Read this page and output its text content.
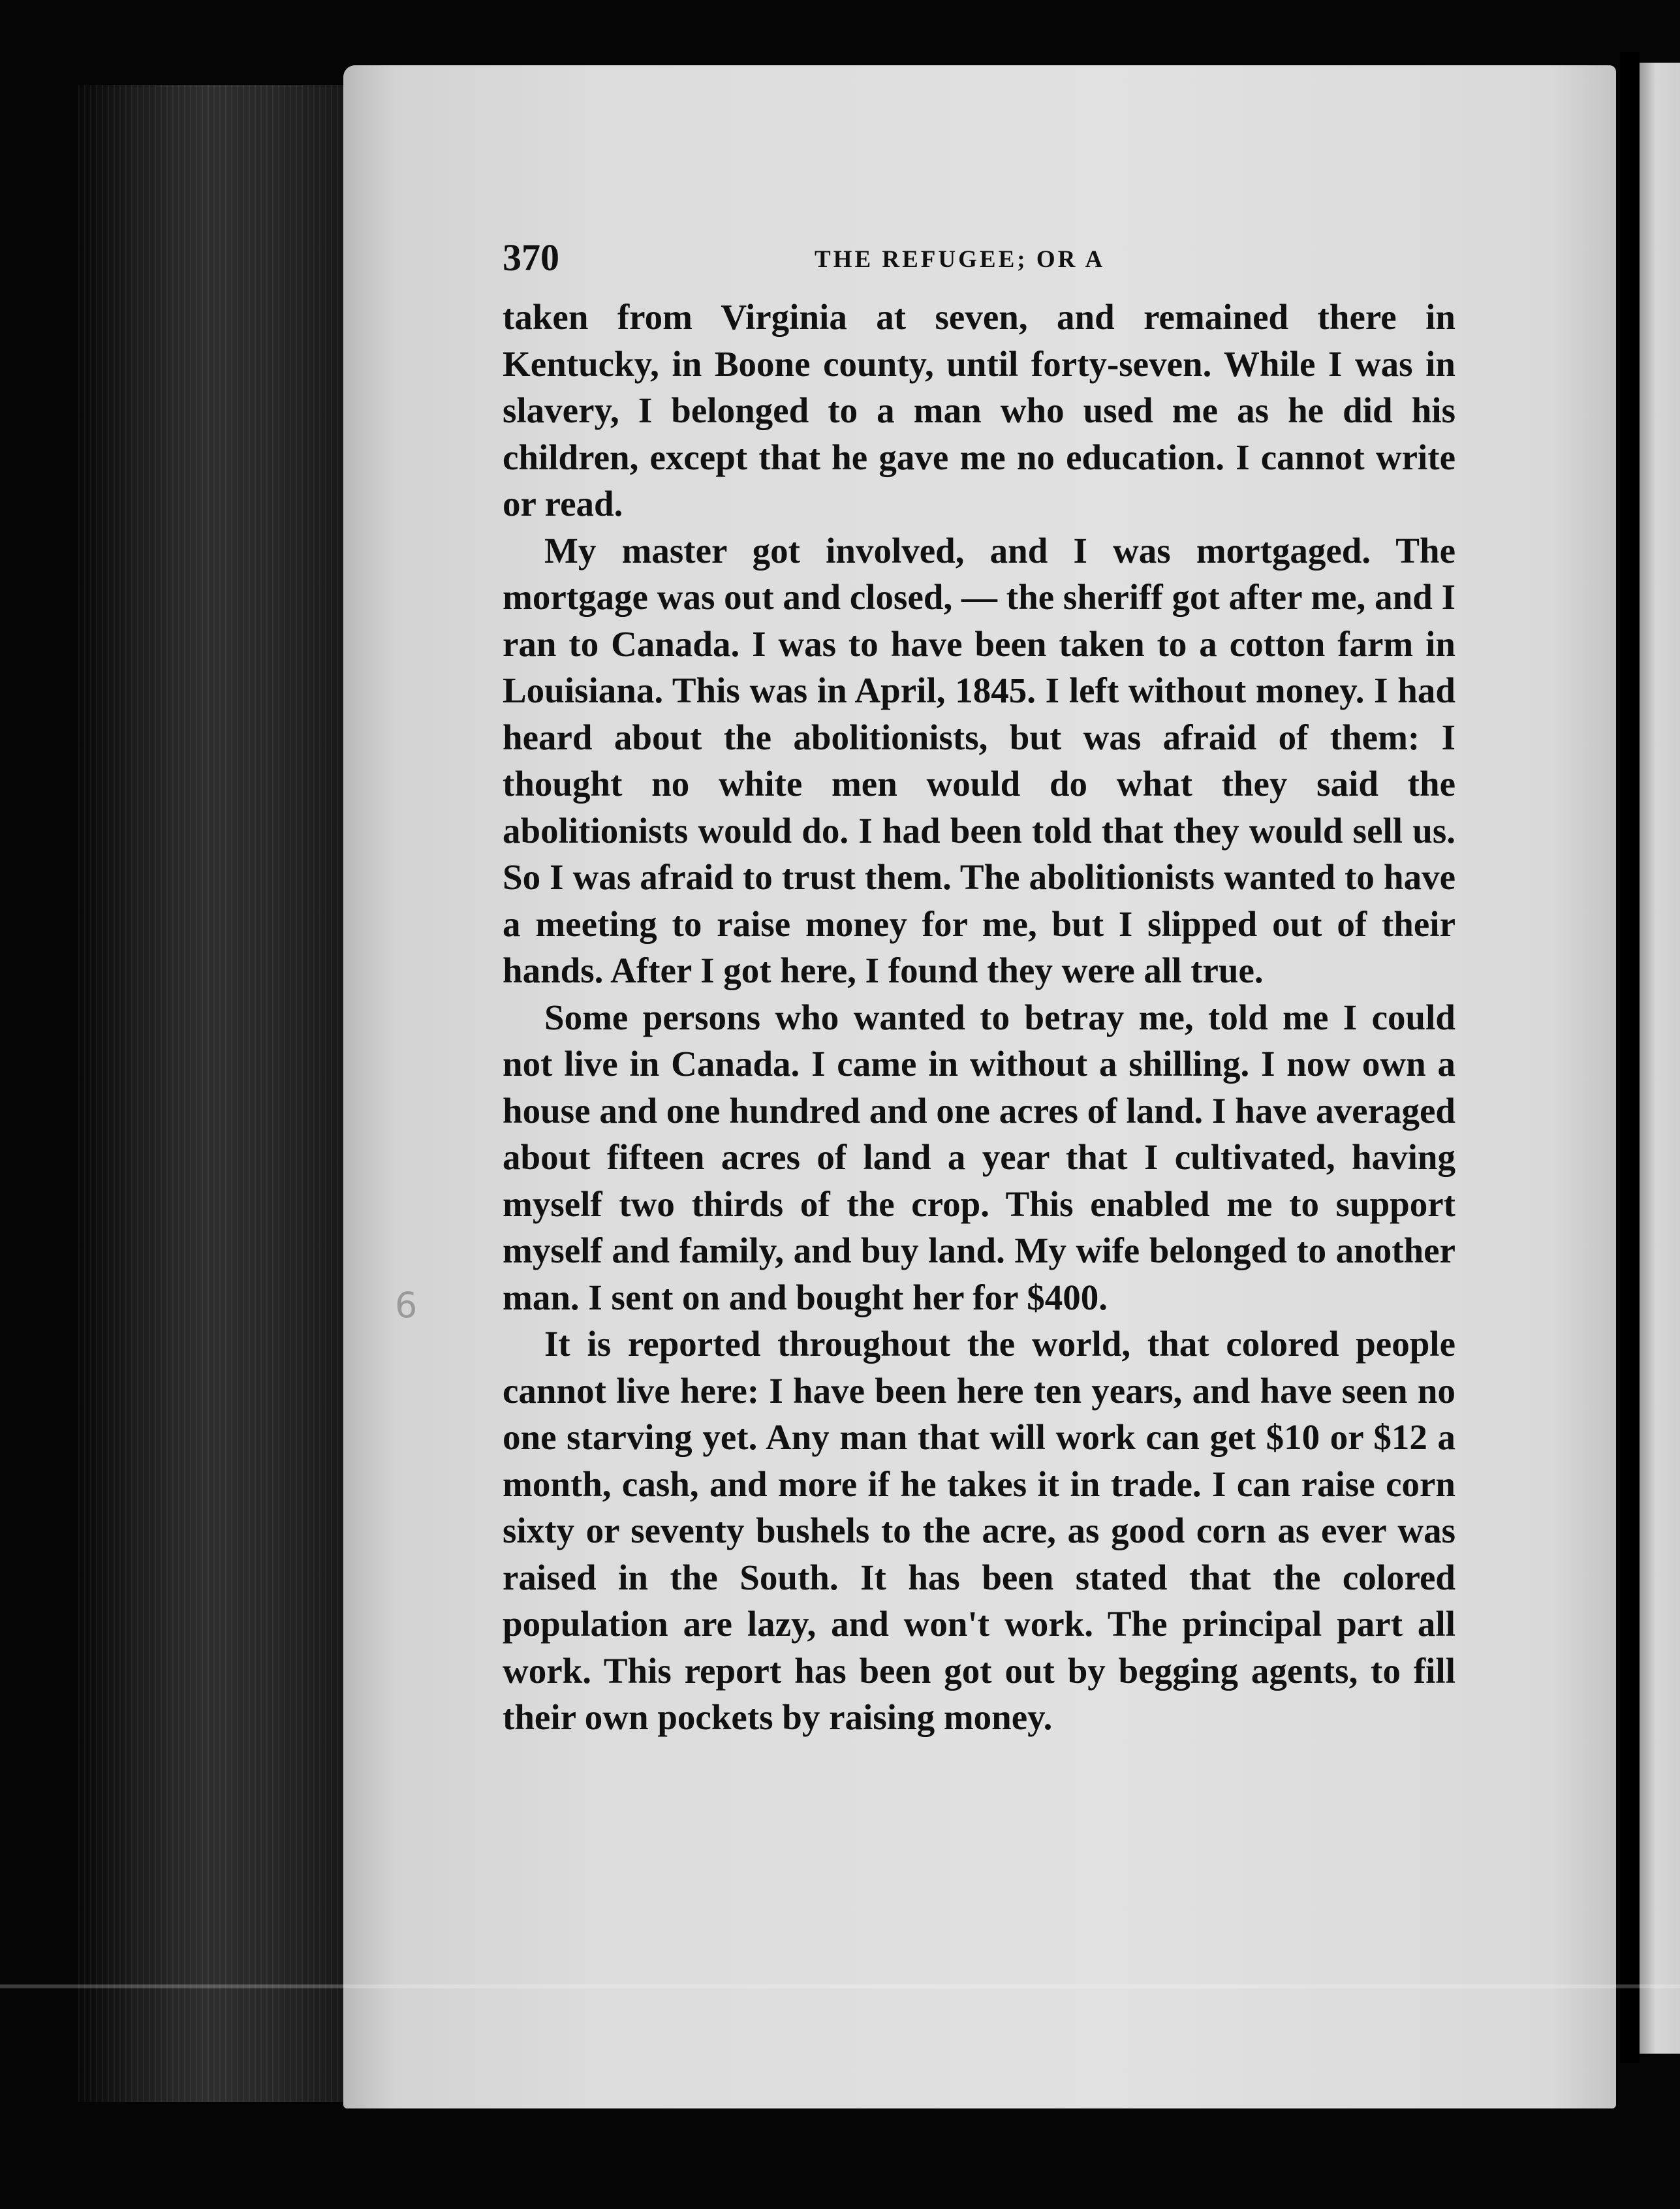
6
370	THE REFUGEE; OR A

taken from Virginia at seven, and remained there in Kentucky, in Boone county, until forty-seven. While I was in slavery, I belonged to a man who used me as he did his children, except that he gave me no education. I cannot write or read.

My master got involved, and I was mortgaged. The mortgage was out and closed, — the sheriff got after me, and I ran to Canada. I was to have been taken to a cotton farm in Louisiana. This was in April, 1845. I left without money. I had heard about the abolitionists, but was afraid of them: I thought no white men would do what they said the abolitionists would do. I had been told that they would sell us. So I was afraid to trust them. The abolitionists wanted to have a meeting to raise money for me, but I slipped out of their hands. After I got here, I found they were all true.

Some persons who wanted to betray me, told me I could not live in Canada. I came in without a shilling. I now own a house and one hundred and one acres of land. I have averaged about fifteen acres of land a year that I cultivated, having myself two thirds of the crop. This enabled me to support myself and family, and buy land. My wife belonged to another man. I sent on and bought her for $400.

It is reported throughout the world, that colored people cannot live here: I have been here ten years, and have seen no one starving yet. Any man that will work can get $10 or $12 a month, cash, and more if he takes it in trade. I can raise corn sixty or seventy bushels to the acre, as good corn as ever was raised in the South. It has been stated that the colored population are lazy, and won't work. The principal part all work. This report has been got out by begging agents, to fill their own pockets by raising money.
